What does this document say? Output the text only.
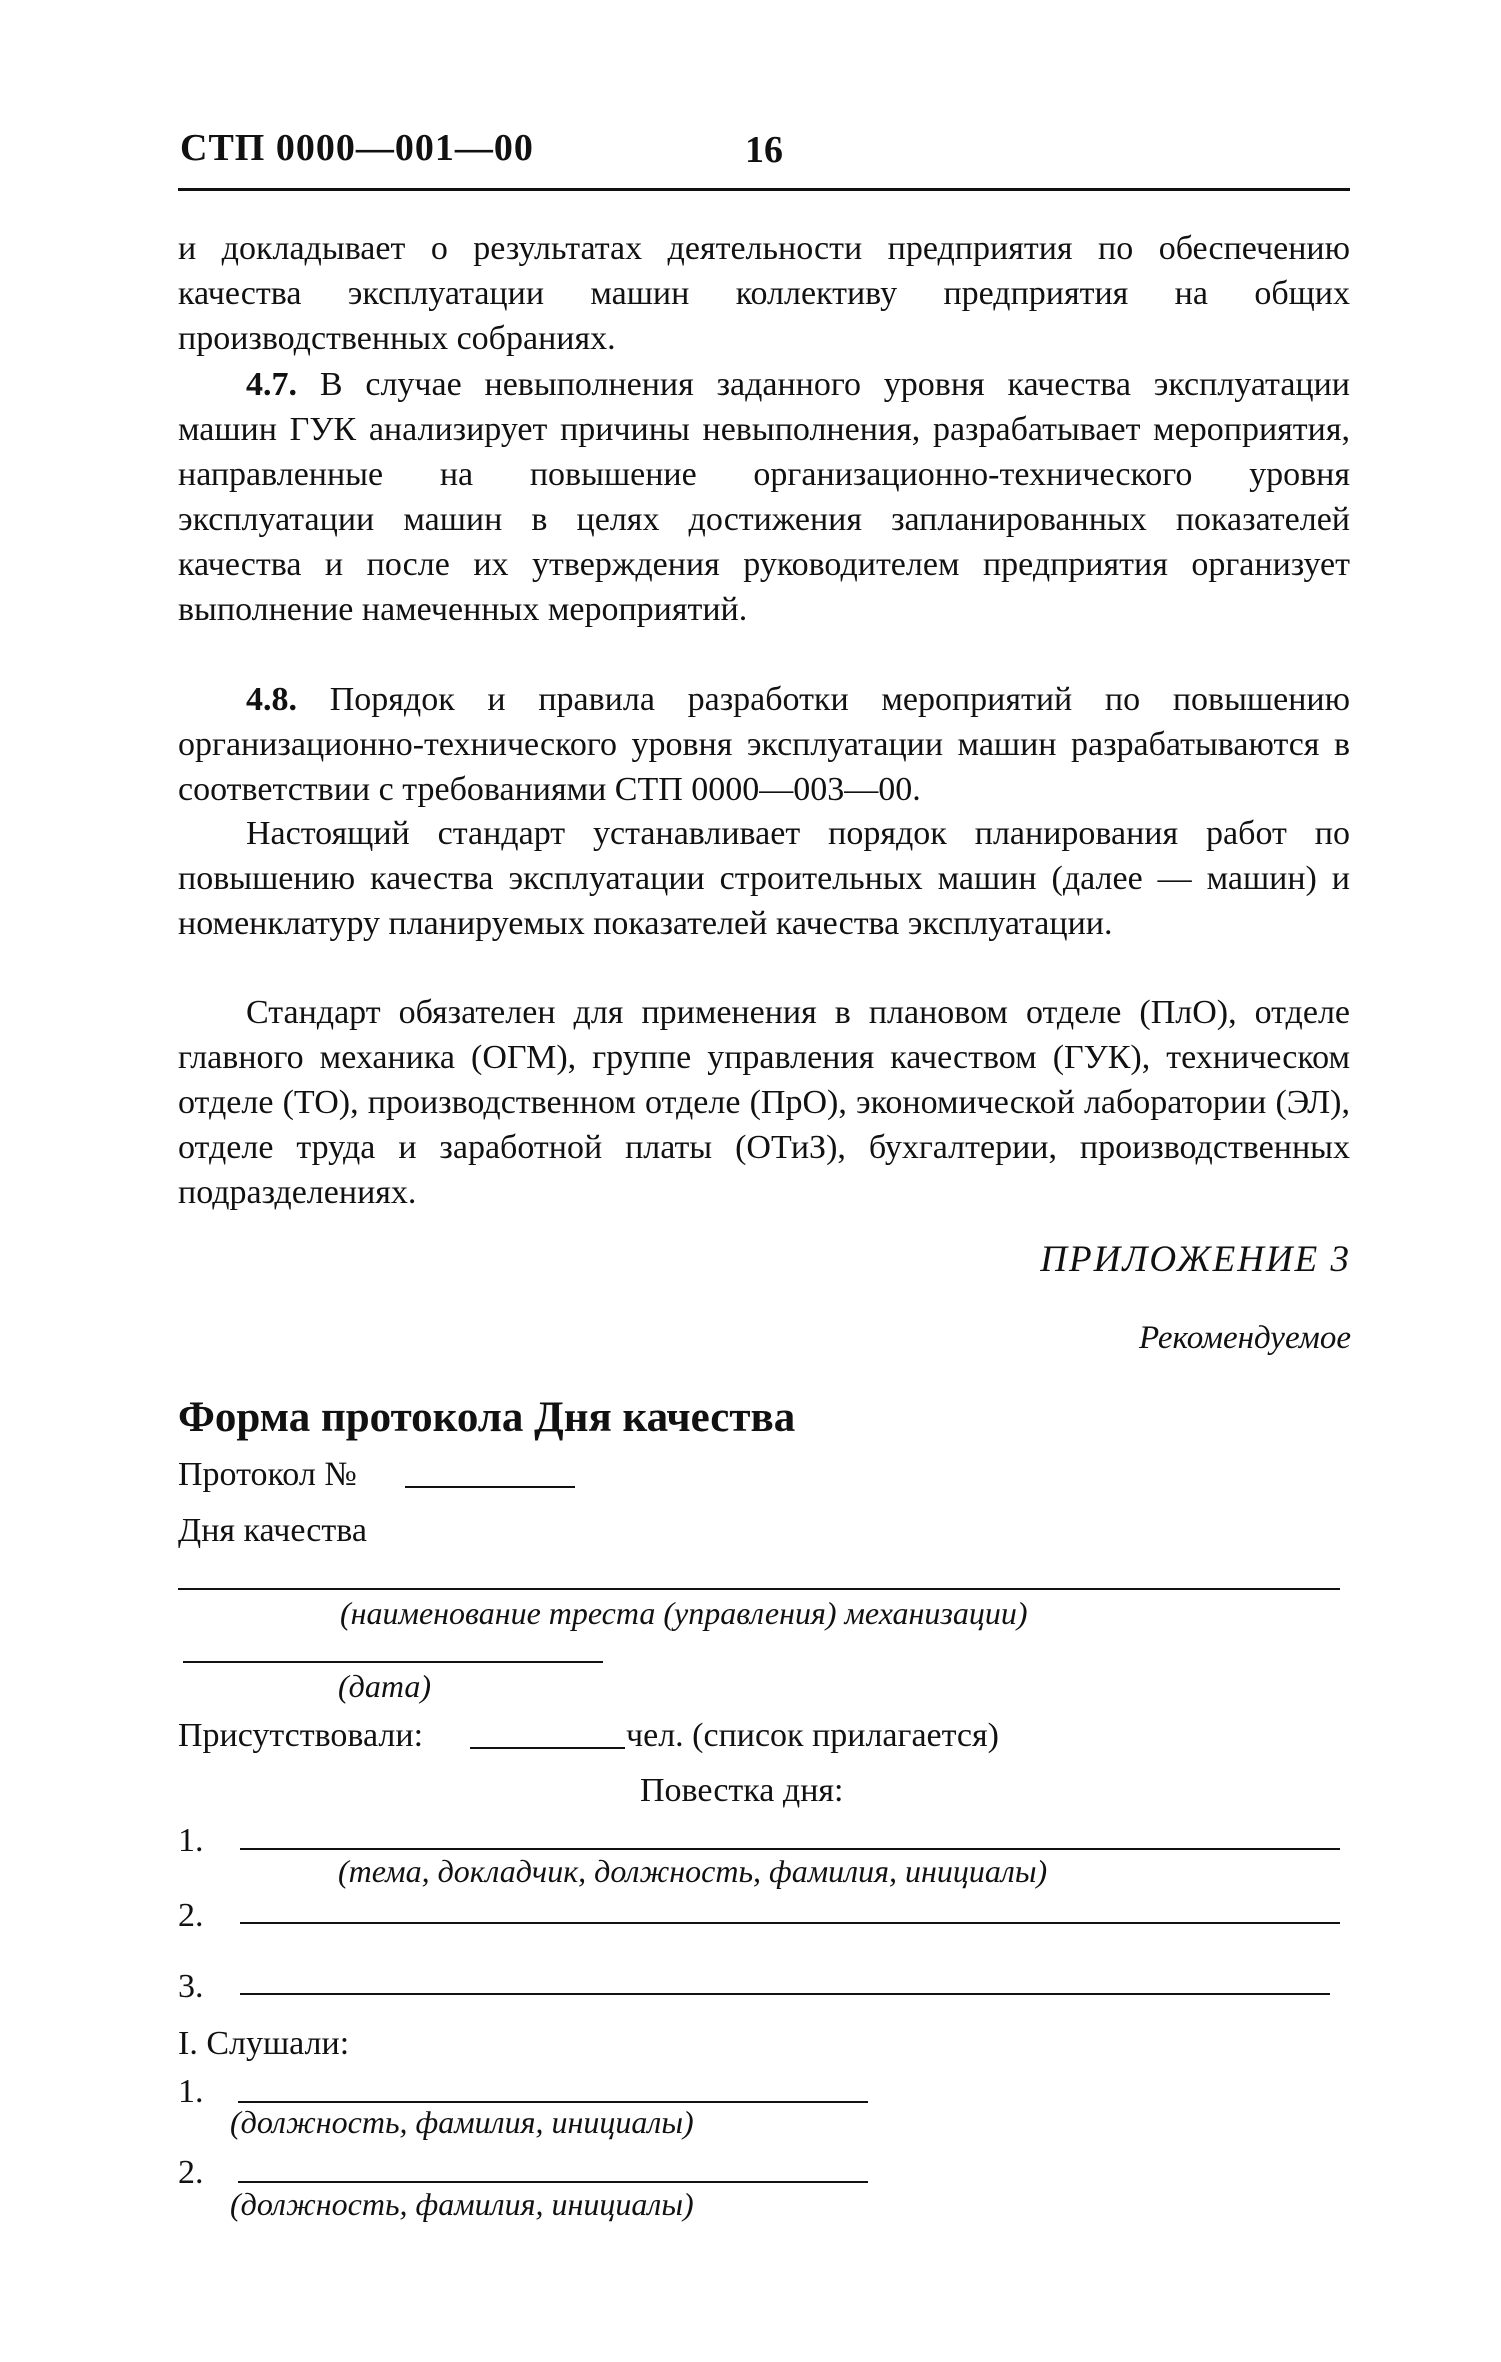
СТП 0000—001—00	16

и докладывает о результатах деятельности предприятия по обеспечению качества эксплуатации машин коллективу предприятия на общих производственных собраниях.

4.7. В случае невыполнения заданного уровня качества эксплуатации машин ГУК анализирует причины невыполнения, разрабатывает мероприятия, направленные на повышение организационно-технического уровня эксплуатации машин в целях достижения запланированных показателей качества и после их утверждения руководителем предприятия организует выполнение намеченных мероприятий.

4.8. Порядок и правила разработки мероприятий по повышению организационно-технического уровня эксплуатации машин разрабатываются в соответствии с требованиями СТП 0000—003—00.

Настоящий стандарт устанавливает порядок планирования работ по повышению качества эксплуатации строительных машин (далее — машин) и номенклатуру планируемых показателей качества эксплуатации.

Стандарт обязателен для применения в плановом отделе (ПлО), отделе главного механика (ОГМ), группе управления качеством (ГУК), техническом отделе (ТО), производственном отделе (ПрО), экономической лаборатории (ЭЛ), отделе труда и заработной платы (ОТиЗ), бухгалтерии, производственных подразделениях.

ПРИЛОЖЕНИЕ 3
Рекомендуемое
Форма протокола Дня качества
Протокол №
Дня качества
(наименование треста (управления) механизации)
(дата)
Присутствовали:	чел. (список прилагается)
Повестка дня:
1.
(тема, докладчик, должность, фамилия, инициалы)
2.
3.
I. Слушали:
1.
(должность, фамилия, инициалы)
2.
(должность, фамилия, инициалы)
